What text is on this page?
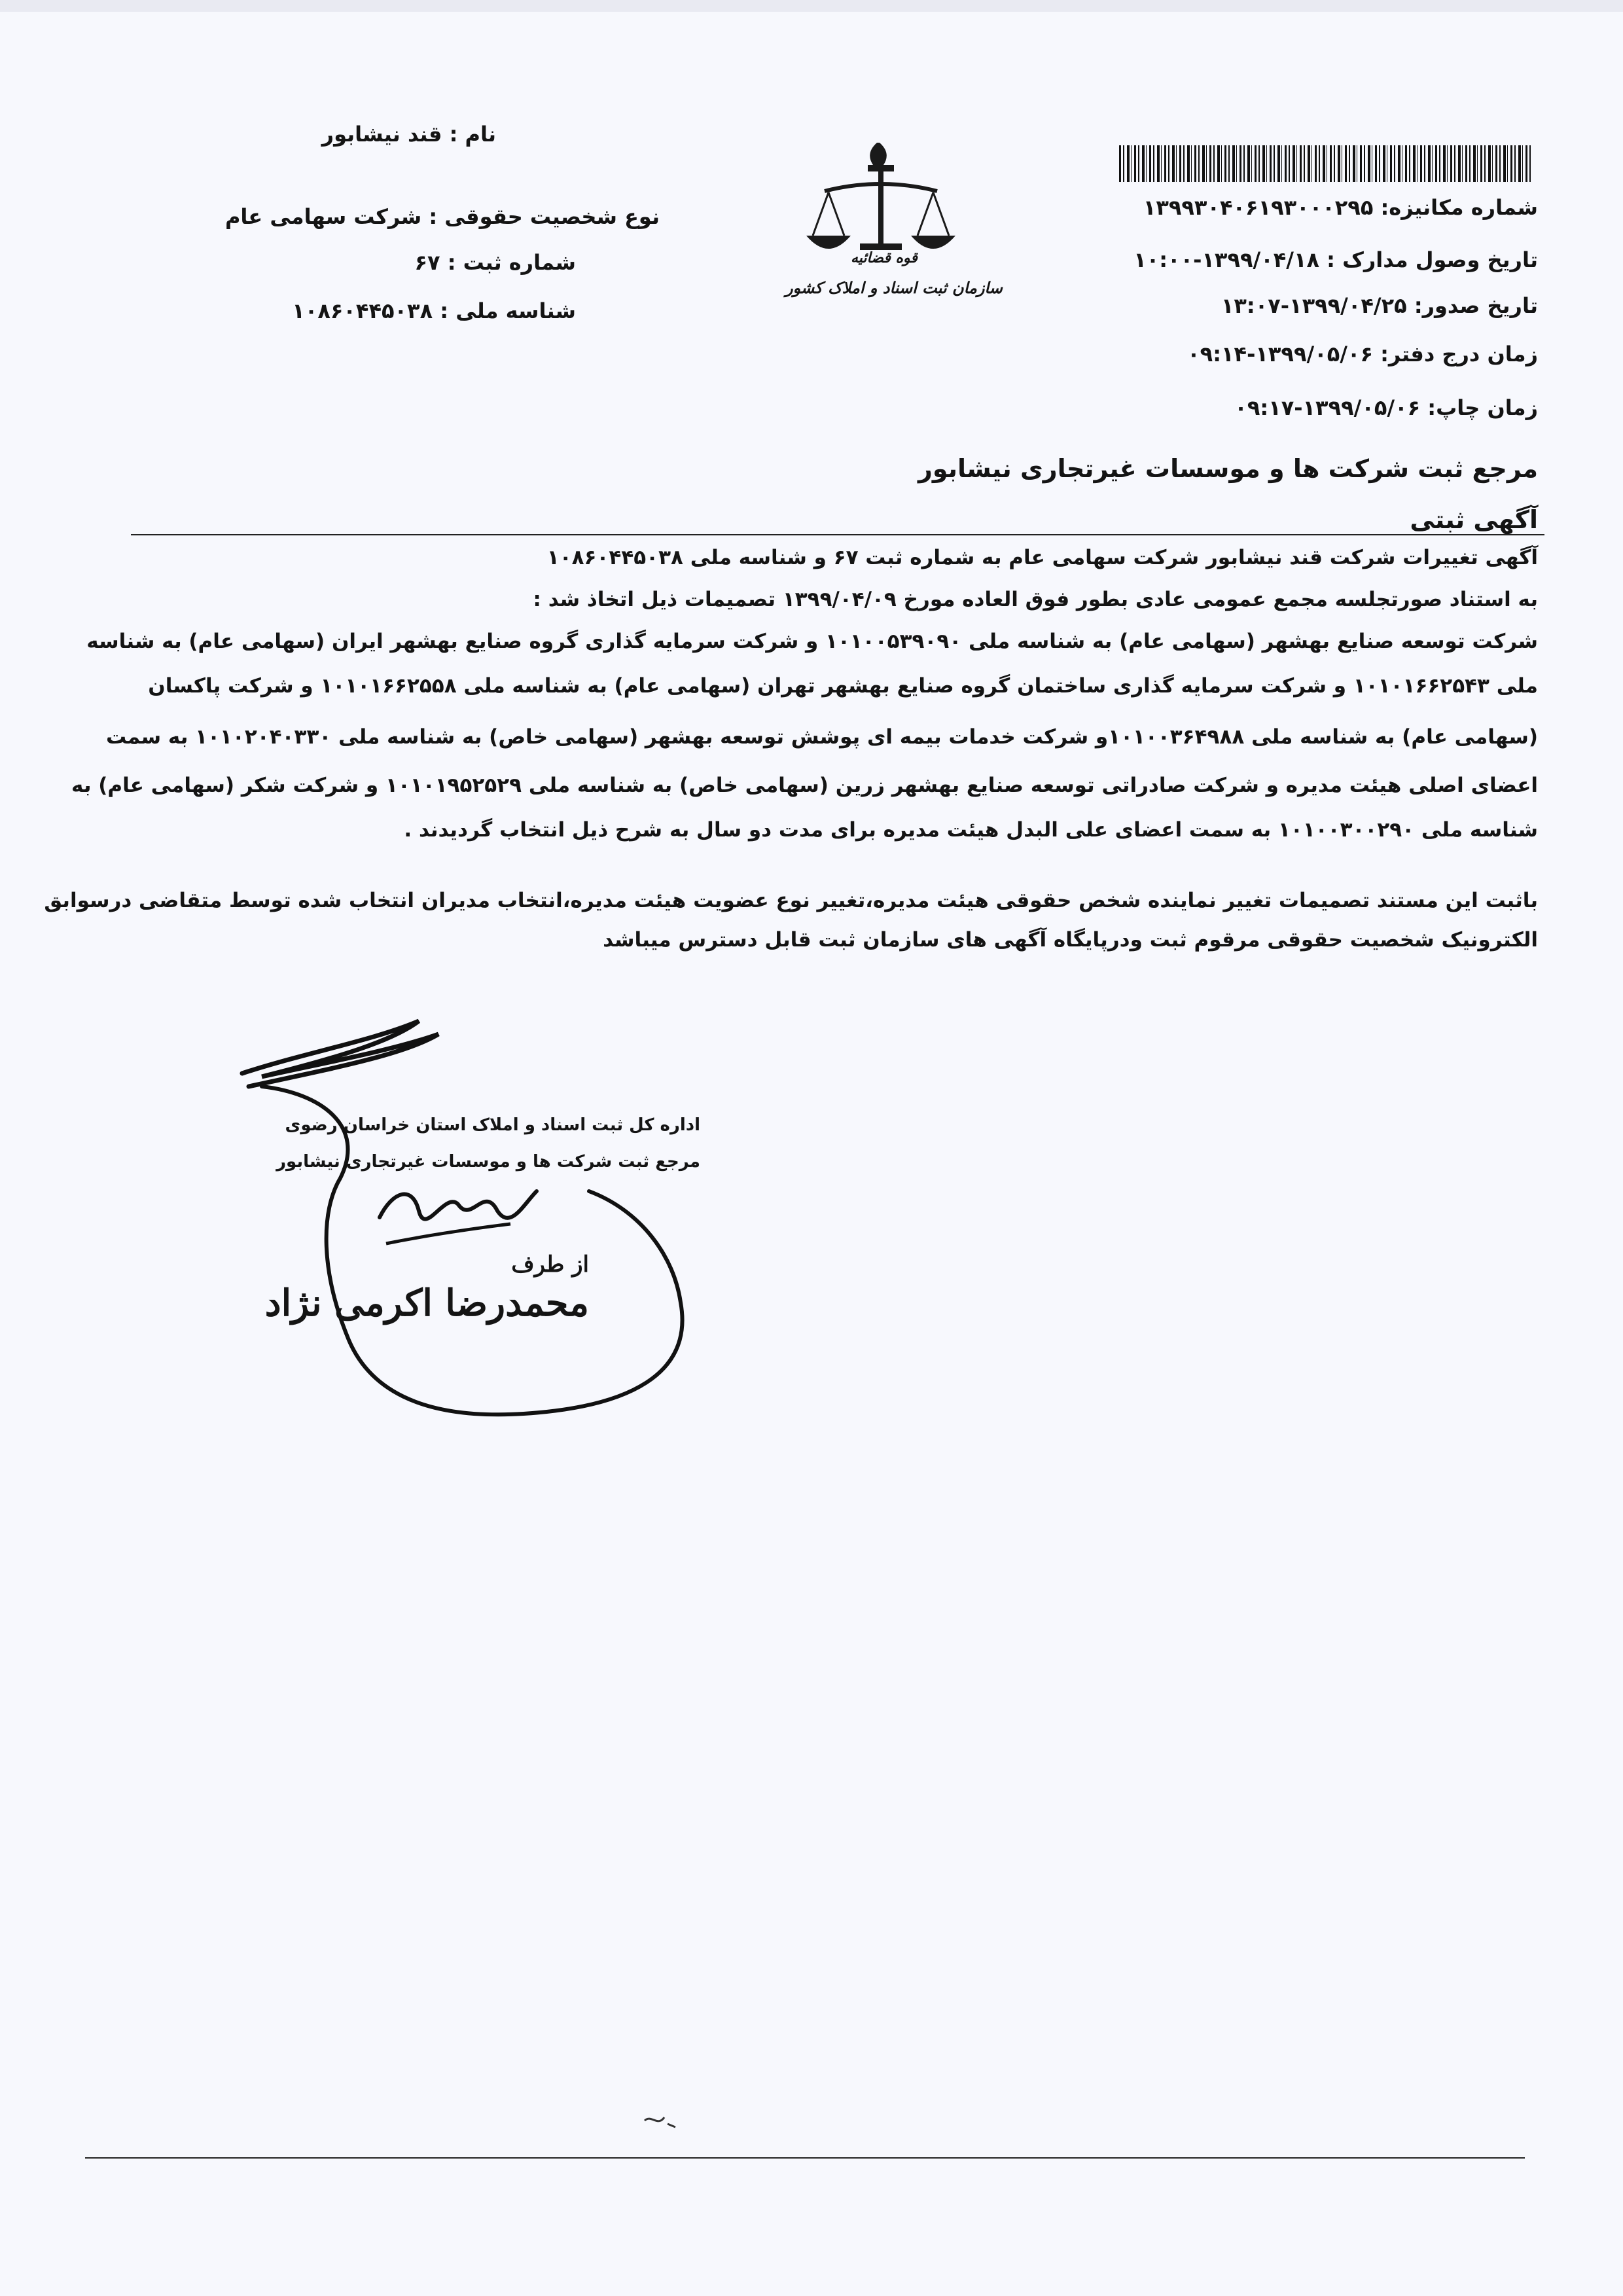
نام : قند نیشابور
نوع شخصیت حقوقی : شرکت سهامی عام
شماره ثبت : ۶۷
شناسه ملی : ۱۰۸۶۰۴۴۵۰۳۸
قوه قضائیه
سازمان ثبت اسناد و املاک کشور
شماره مکانیزه: ۱۳۹۹۳۰۴۰۶۱۹۳۰۰۰۲۹۵
تاریخ وصول مدارک : ۱۳۹۹/۰۴/۱۸-۱۰:۰۰
تاریخ صدور: ۱۳۹۹/۰۴/۲۵-۱۳:۰۷
زمان درج دفتر: ۱۳۹۹/۰۵/۰۶-۰۹:۱۴
زمان چاپ: ۱۳۹۹/۰۵/۰۶-۰۹:۱۷
مرجع ثبت شرکت ها و موسسات غیرتجاری نیشابور
آگهی ثبتی
آگهی تغییرات شرکت قند نیشابور شرکت سهامی عام به شماره ثبت ۶۷ و شناسه ملی ۱۰۸۶۰۴۴۵۰۳۸
به استناد صورتجلسه مجمع عمومی عادی بطور فوق العاده مورخ ۱۳۹۹/۰۴/۰۹ تصمیمات ذیل اتخاذ شد :
شرکت توسعه صنایع بهشهر (سهامی عام) به شناسه ملی ۱۰۱۰۰۵۳۹۰۹۰ و شرکت سرمایه گذاری گروه صنایع بهشهر ایران (سهامی عام) به شناسه
ملی ۱۰۱۰۱۶۶۲۵۴۳ و شرکت سرمایه گذاری ساختمان گروه صنایع بهشهر تهران (سهامی عام) به شناسه ملی ۱۰۱۰۱۶۶۲۵۵۸ و شرکت پاکسان
(سهامی عام) به شناسه ملی ۱۰۱۰۰۳۶۴۹۸۸و شرکت خدمات بیمه ای پوشش توسعه بهشهر (سهامی خاص) به شناسه ملی ۱۰۱۰۲۰۴۰۳۳۰ به سمت
اعضای اصلی هیئت مدیره و شرکت صادراتی توسعه صنایع بهشهر زرین (سهامی خاص) به شناسه ملی ۱۰۱۰۱۹۵۲۵۲۹ و شرکت شکر (سهامی عام) به
شناسه ملی ۱۰۱۰۰۳۰۰۲۹۰ به سمت اعضای علی البدل هیئت مدیره برای مدت دو سال به شرح ذیل انتخاب گردیدند .
باثبت این مستند تصمیمات تغییر نماینده شخص حقوقی هیئت مدیره،تغییر نوع عضویت هیئت مدیره،انتخاب مدیران انتخاب شده توسط متقاضی درسوابق
الکترونیک شخصیت حقوقی مرقوم ثبت ودرپایگاه آگهی های سازمان ثبت قابل دسترس میباشد
اداره کل ثبت اسناد و املاک استان خراسان رضوی
مرجع ثبت شرکت ها و موسسات غیرتجاری نیشابور
از طرف
محمدرضا اکرمی نژاد
